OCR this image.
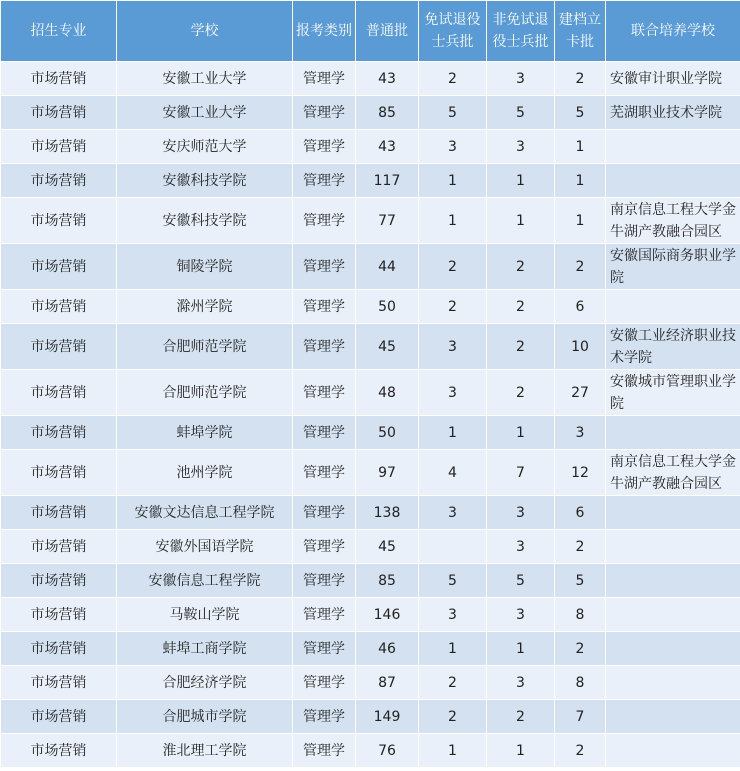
招生专业	学校	报考类别	普通批	免试退役士兵批	非免试退役士兵批	建档立卡批	联合培养学校
市场营销	安徽工业大学	管理学	43	2	3	2	安徽审计职业学院
市场营销	安徽工业大学	管理学	85	5	5	5	芜湖职业技术学院
市场营销	安庆师范大学	管理学	43	3	3	1	
市场营销	安徽科技学院	管理学	117	1	1	1	
市场营销	安徽科技学院	管理学	77	1	1	1	南京信息工程大学金牛湖产教融合园区
市场营销	铜陵学院	管理学	44	2	2	2	安徽国际商务职业学院
市场营销	滁州学院	管理学	50	2	2	6	
市场营销	合肥师范学院	管理学	45	3	2	10	安徽工业经济职业技术学院
市场营销	合肥师范学院	管理学	48	3	2	27	安徽城市管理职业学院
市场营销	蚌埠学院	管理学	50	1	1	3	
市场营销	池州学院	管理学	97	4	7	12	南京信息工程大学金牛湖产教融合园区
市场营销	安徽文达信息工程学院	管理学	138	3	3	6	
市场营销	安徽外国语学院	管理学	45		3	2	
市场营销	安徽信息工程学院	管理学	85	5	5	5	
市场营销	马鞍山学院	管理学	146	3	3	8	
市场营销	蚌埠工商学院	管理学	46	1	1	2	
市场营销	合肥经济学院	管理学	87	2	3	8	
市场营销	合肥城市学院	管理学	149	2	2	7	
市场营销	淮北理工学院	管理学	76	1	1	2	
